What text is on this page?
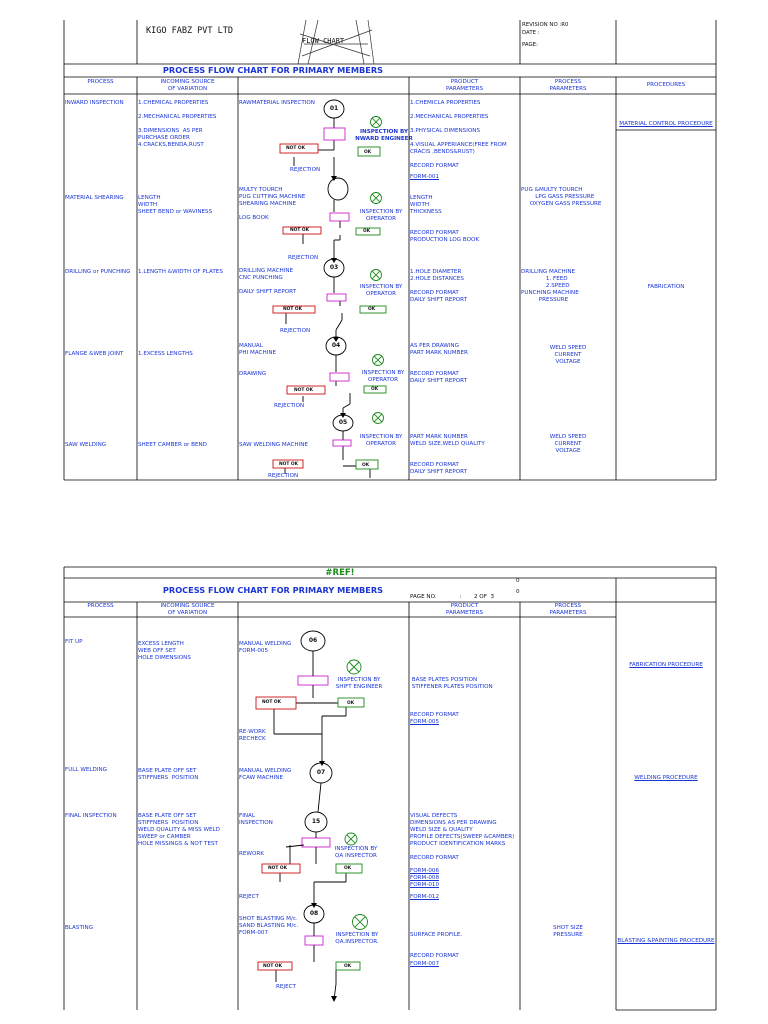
KIGO FABZ PVT LTD
FLOW CHART
REVISION NO :R0
DATE :
PAGE:
PROCESS FLOW CHART FOR PRIMARY MEMBERS
PROCESS	INCOMING SOURCE
OF VARIATION
PRODUCT
PARAMETERS
PROCESS
PARAMETERS
PROCEDURES
INWARD INSPECTION
MATERIAL SHEARING
DRILLING or PUNCHING
FLANGE &WEB JOINT
SAW WELDING
1.CHEMICAL PROPERTIES

2.MECHANICAL PROPERTIES

3.DIMENSIONS  AS PER
PURCHASE ORDER
4.CRACKS,BENDA,RUST
LENGTH
WIDTH
SHEET BEND or WAVINESS
1.LENGTH &WIDTH OF PLATES
1.EXCESS LENGTHS
SHEET CAMBER or BEND
RAWMATERIAL INSPECTION
MULTY TOURCH
PUG CUTTING MACHINE
SHEARING MACHINE

LOG BOOK
DRILLING MACHINE
CNC PUNCHING

DAILY SHIFT REPORT
MANUAL
PHI MACHINE

DRAWING
SAW WELDING MACHINE
01
03
04
05
INSPECTION BY
NWARD ENGINEER
INSPECTION BY
OPERATOR
INSPECTION BY
OPERATOR
INSPECTION BY
OPERATOR
INSPECTION BY
OPERATOR
NOT OK
NOT OK
NOT OK
NOT OK
NOT OK
OK
OK
OK
OK
OK
REJECTION
REJECTION
REJECTION
REJECTION
REJECTION
1.CHEMICLA PROPERTIES

2.MECHANICAL PROPERTIES

3.PHYSICAL DIMENSIONS

4.VISUAL APPERIANCE(FREE FROM
CRACIS ,BENDS&RUST)

RECORD FORMAT
FORM-001
LENGTH
WIDTH
THICKNESS

RECORD FORMAT
PRODUCTION LOG BOOK
1.HOLE DIAMETER
2.HOLE DISTANCES

RECORD FORMAT
DAILY SHIFT REPORT
AS PER DRAWING
PART MARK NUMBER

RECORD FORMAT
DAILY SHIFT REPORT
PART MARK NUMBER
WELD SIZE,WELD QUALITY

RECORD FORMAT
DAILY SHIFT REPORT
PUG &MULTY TOURCH
LPG GASS PRESSURE
OXYGEN GASS PRESSURE
DRILLING MACHINE
1. FEED
2.SPEED
PUNCHING MACHINE
PRESSURE
WELD SPEED
CURRENT
VOLTAGE
WELD SPEED
CURRENT
VOLTAGE
MATERIAL CONTROL PROCEDURE
FABRICATION
#REF!
0
0
PROCESS FLOW CHART FOR PRIMARY MEMBERS
PAGE NO.             :       2 OF  3
PROCESS	INCOMING SOURCE
OF VARIATION
PRODUCT
PARAMETERS
PROCESS
PARAMETERS
FIT UP
FULL WELDING
FINAL INSPECTION
BLASTING
EXCESS LENGTH
WEB OFF SET
HOLE DIMENSIONS
BASE PLATE OFF SET
STIFFNERS  POSITION
BASE PLATE OFF SET
STIFFNERS  POSITION
WELD QUALITY & MISS WELD
SWEEP or CAMBER
HOLE MISSINGS & NOT TEST
MANUAL WELDING
FORM-005
MANUAL WELDING
FCAW MACHINE
FINAL
INSPECTION
SHOT BLASTING M/c.
SAND BLASTING M/c.
FORM-007
06
07
15
08
INSPECTION BY
SHIFT ENGINEER
INSPECTION BY
QA INSPECTOR
INSPECTION BY
QA.INSPECTOR.
NOT OK
NOT OK
NOT OK
OK
OK
OK
RE-WORK
RECHECK
REWORK
REJECT
REJECT
BASE PLATES POSITION
STIFFENER PLATES POSITION

RECORD FORMAT
FORM-005
VISUAL DEFECTS
DIMENSIONS AS PER DRAWING
WELD SIZE & QUALITY
PROFILE DEFECTS(SWEEP &CAMBER)
PRODUCT IDENTIFICATION MARKS

RECORD FORMAT
FORM-006
FORM-008
FORM-010
FORM-012
SURFACE PROFILE.
RECORD FORMAT
FORM-007
SHOT SIZE
PRESSURE
FABRICATION PROCEDURE
WELDING PROCEDURE
BLASTING &PAINTING PROCEDURE
